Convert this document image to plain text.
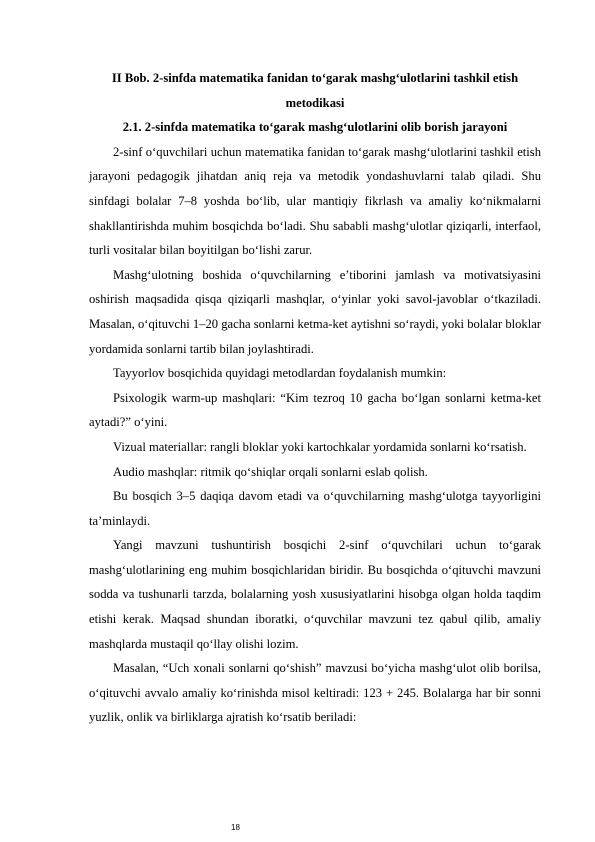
II Bob. 2-sinfda matematika fanidan to‘garak mashg‘ulotlarini tashkil etish metodikasi

2.1. 2-sinfda matematika to‘garak mashg‘ulotlarini olib borish jarayoni

2-sinf o‘quvchilari uchun matematika fanidan to‘garak mashg‘ulotlarini tashkil etish jarayoni pedagogik jihatdan aniq reja va metodik yondashuvlarni talab qiladi. Shu sinfdagi bolalar 7–8 yoshda bo‘lib, ular mantiqiy fikrlash va amaliy ko‘nikmalarni shakllantirishda muhim bosqichda bo‘ladi. Shu sababli mashg‘ulotlar qiziqarli, interfaol, turli vositalar bilan boyitilgan bo‘lishi zarur.

Mashg‘ulotning boshida o‘quvchilarning e’tiborini jamlash va motivatsiyasini oshirish maqsadida qisqa qiziqarli mashqlar, o‘yinlar yoki savol-javoblar o‘tkaziladi. Masalan, o‘qituvchi 1–20 gacha sonlarni ketma-ket aytishni so‘raydi, yoki bolalar bloklar yordamida sonlarni tartib bilan joylashtiradi.

Tayyorlov bosqichida quyidagi metodlardan foydalanish mumkin:

Psixologik warm-up mashqlari: “Kim tezroq 10 gacha bo‘lgan sonlarni ketma-ket aytadi?” o‘yini.

Vizual materiallar: rangli bloklar yoki kartochkalar yordamida sonlarni ko‘rsatish.

Audio mashqlar: ritmik qo‘shiqlar orqali sonlarni eslab qolish.

Bu bosqich 3–5 daqiqa davom etadi va o‘quvchilarning mashg‘ulotga tayyorligini ta’minlaydi.

Yangi mavzuni tushuntirish bosqichi 2-sinf o‘quvchilari uchun to‘garak mashg‘ulotlarining eng muhim bosqichlaridan biridir. Bu bosqichda o‘qituvchi mavzuni sodda va tushunarli tarzda, bolalarning yosh xususiyatlarini hisobga olgan holda taqdim etishi kerak. Maqsad shundan iboratki, o‘quvchilar mavzuni tez qabul qilib, amaliy mashqlarda mustaqil qo‘llay olishi lozim.

Masalan, “Uch xonali sonlarni qo‘shish” mavzusi bo‘yicha mashg‘ulot olib borilsa, o‘qituvchi avvalo amaliy ko‘rinishda misol keltiradi: 123 + 245. Bolalarga har bir sonni yuzlik, onlik va birliklarga ajratish ko‘rsatib beriladi:

18
